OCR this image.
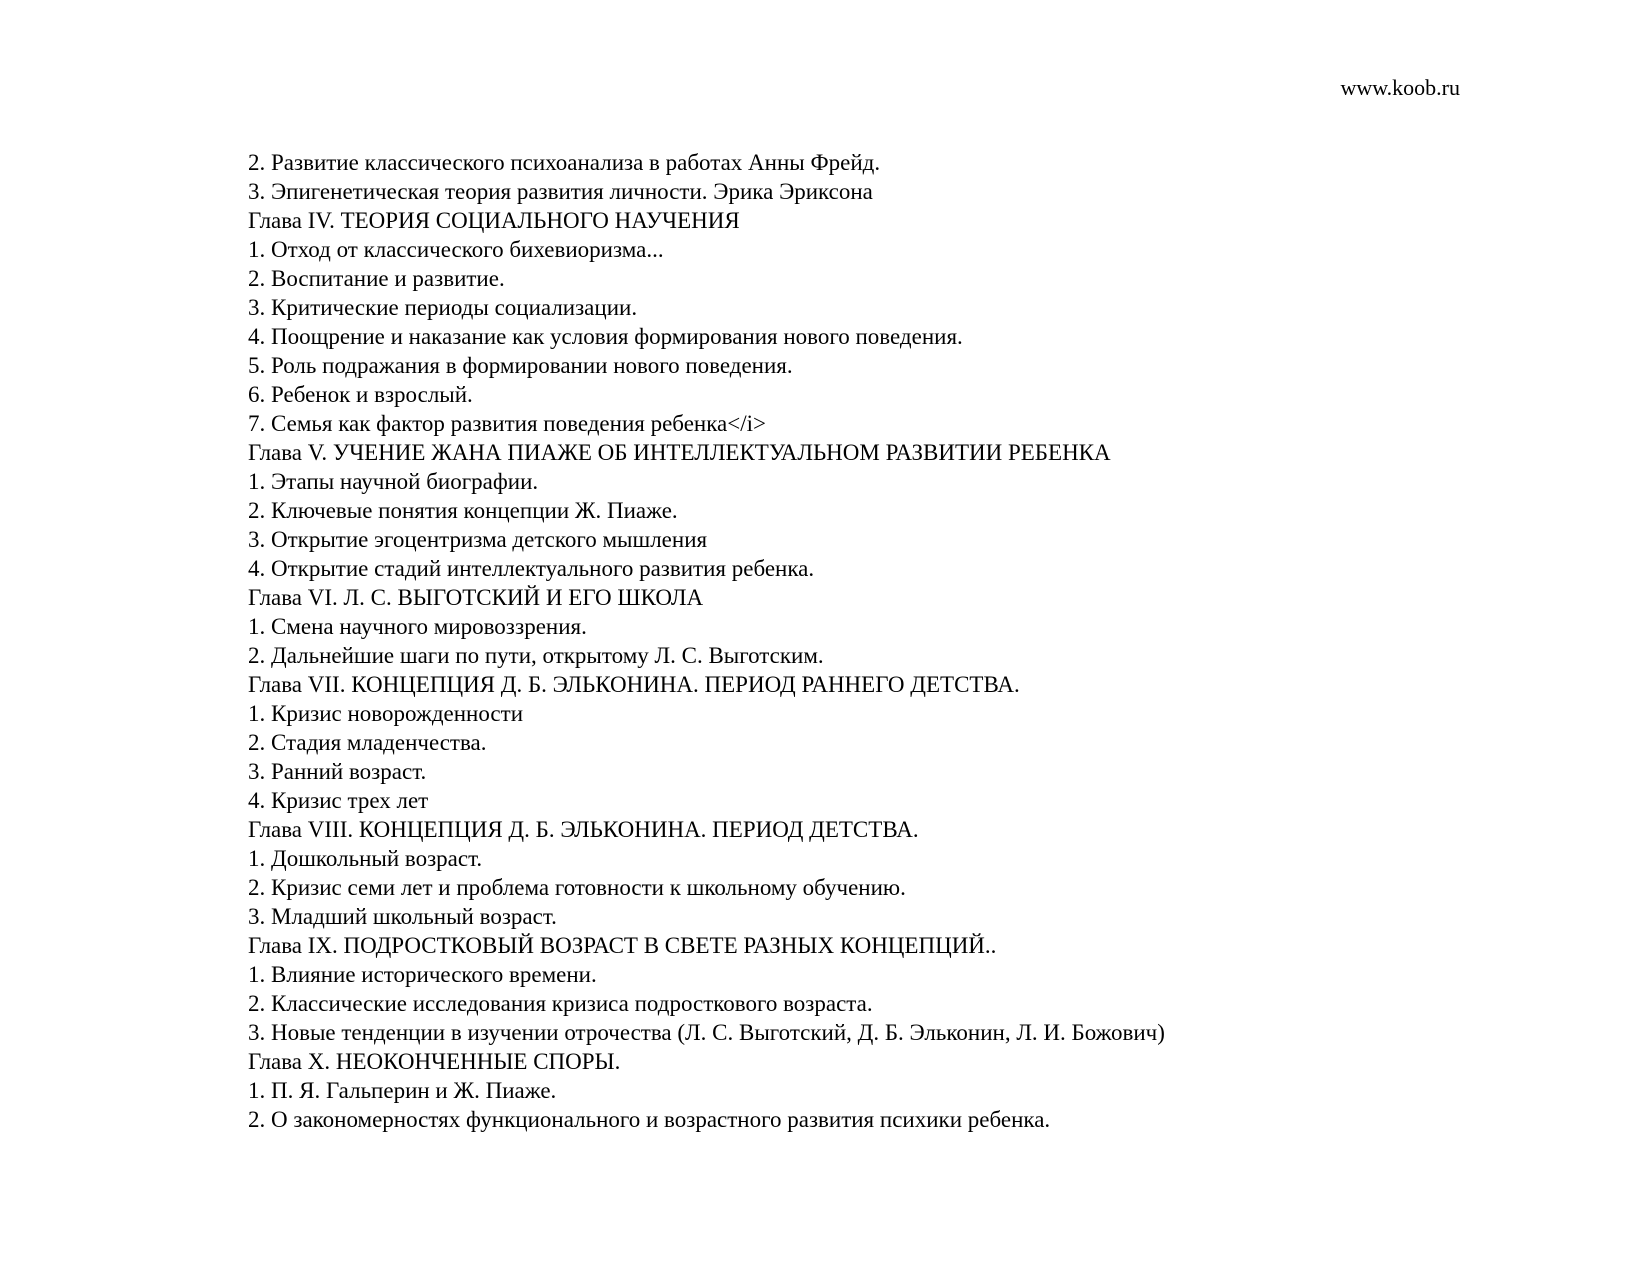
www.koob.ru
2. Развитие классического психоанализа в работах Анны Фрейд.
3. Эпигенетическая теория развития личности. Эрика Эриксона
Глава IV. ТЕОРИЯ СОЦИАЛЬНОГО НАУЧЕНИЯ
1. Отход от классического бихевиоризма...
2. Воспитание и развитие.
3. Критические периоды социализации.
4. Поощрение и наказание как условия формирования нового поведения.
5. Роль подражания в формировании нового поведения.
6. Ребенок и взрослый.
7. Семья как фактор развития поведения ребенка</i>
Глава V. УЧЕНИЕ ЖАНА ПИАЖЕ ОБ ИНТЕЛЛЕКТУАЛЬНОМ РАЗВИТИИ РЕБЕНКА
1. Этапы научной биографии.
2. Ключевые понятия концепции Ж. Пиаже.
3. Открытие эгоцентризма детского мышления
4. Открытие стадий интеллектуального развития ребенка.
Глава VI. Л. С. ВЫГОТСКИЙ И ЕГО ШКОЛА
1. Смена научного мировоззрения.
2. Дальнейшие шаги по пути, открытому Л. С. Выготским.
Глава VII. КОНЦЕПЦИЯ Д. Б. ЭЛЬКОНИНА. ПЕРИОД РАННЕГО ДЕТСТВА.
1. Кризис новорожденности
2. Стадия младенчества.
3. Ранний возраст.
4. Кризис трех лет
Глава VIII. КОНЦЕПЦИЯ Д. Б. ЭЛЬКОНИНА. ПЕРИОД ДЕТСТВА.
1. Дошкольный возраст.
2. Кризис семи лет и проблема готовности к школьному обучению.
3. Младший школьный возраст.
Глава IX. ПОДРОСТКОВЫЙ ВОЗРАСТ В СВЕТЕ РАЗНЫХ КОНЦЕПЦИЙ..
1. Влияние исторического времени.
2. Классические исследования кризиса подросткового возраста.
3. Новые тенденции в изучении отрочества (Л. С. Выготский, Д. Б. Эльконин, Л. И. Божович)
Глава X. НЕОКОНЧЕННЫЕ СПОРЫ.
1. П. Я. Гальперин и Ж. Пиаже.
2. О закономерностях функционального и возрастного развития психики ребенка.
